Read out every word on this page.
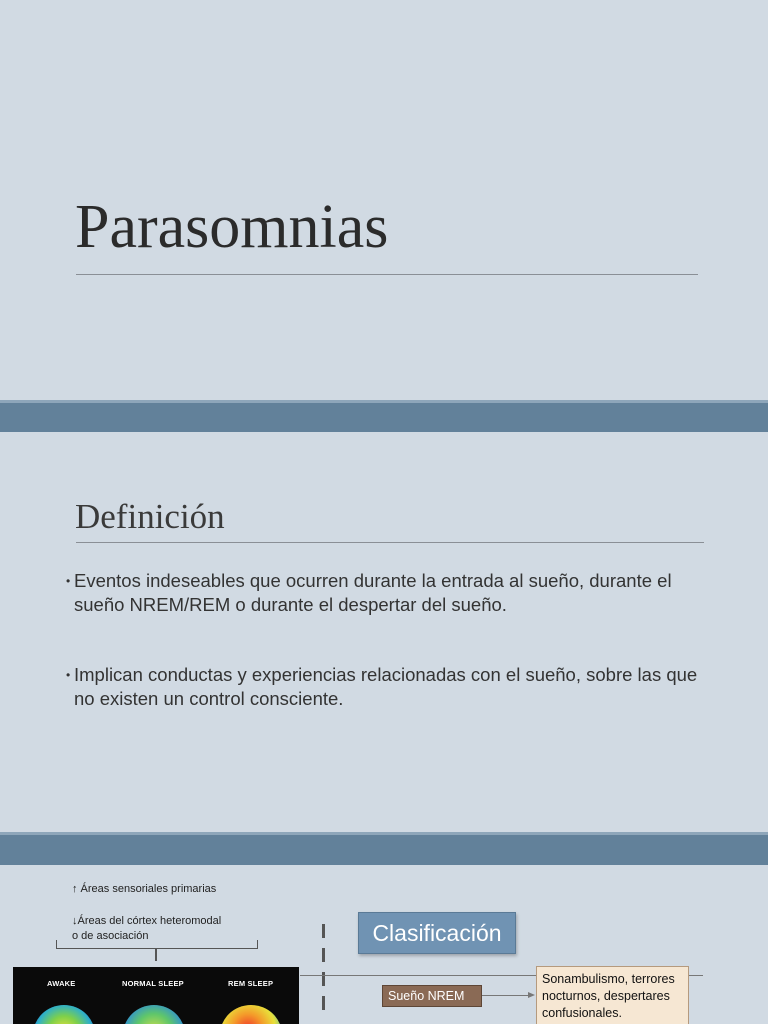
Parasomnias
Definición
• Eventos indeseables que ocurren durante la entrada al sueño, durante el sueño NREM/REM o durante el despertar del sueño.
• Implican conductas y experiencias relacionadas con el sueño, sobre las que no existen un control consciente.
↑ Áreas sensoriales primarias
↓Áreas del córtex heteromodal
o de asociación	Clasificación
Sueño NREM
Sonambulismo, terrores nocturnos, despertares confusionales.
AWAKE	NORMAL SLEEP	REM SLEEP
